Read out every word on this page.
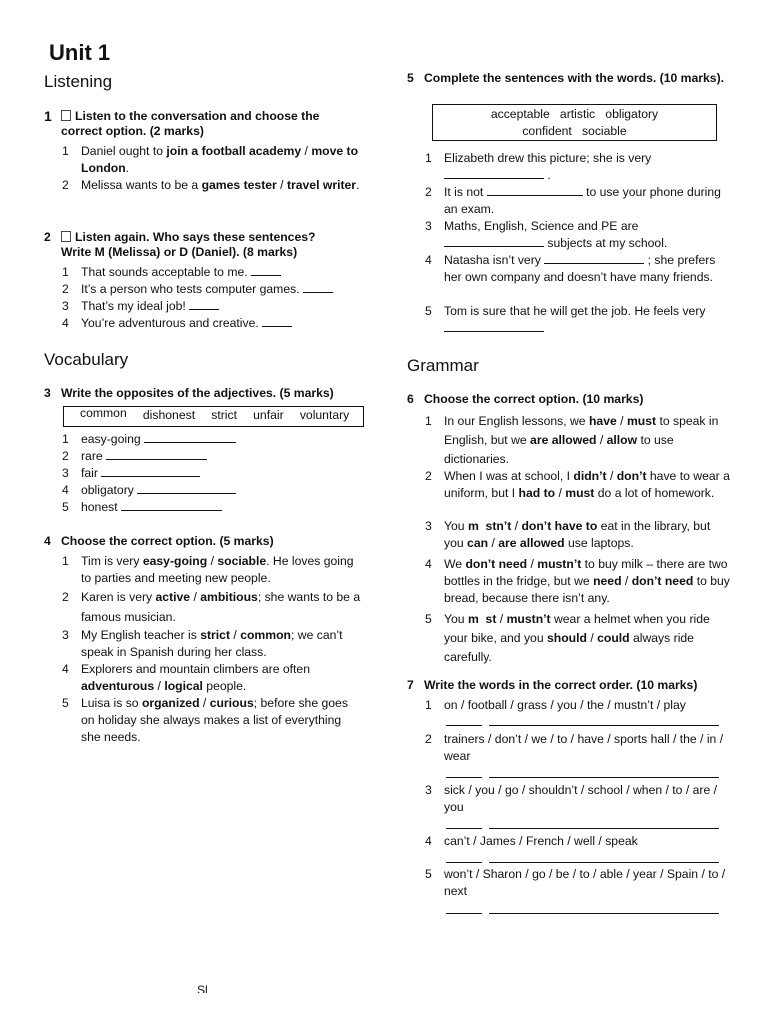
Unit 1
Listening
1	Listen to the conversation and choose the correct option. (2 marks)
1	Daniel ought to join a football academy / move to London.
2	Melissa wants to be a games tester / travel writer.
2	Listen again. Who says these sentences? Write M (Melissa) or D (Daniel). (8 marks)
1	That sounds acceptable to me.
2	It’s a person who tests computer games.
3	That’s my ideal job!
4	You’re adventurous and creative.
Vocabulary
3 Write the opposites of the adjectives. (5 marks)
common dishonest strict unfair voluntary
1	easy-going
2	rare
3	fair
4	obligatory
5	honest
4 Choose the correct option. (5 marks)
1	Tim is very easy-going / sociable. He loves going to parties and meeting new people.
2	Karen is very active / ambitious; she wants to be a famous musician.
3	My English teacher is strict / common; we can’t speak in Spanish during her class.
4	Explorers and mountain climbers are often adventurous / logical people.
5	Luisa is so organized / curious; before she goes on holiday she always makes a list of everything she needs.
5 Complete the sentences with the words. (10 marks).
acceptable   artistic   obligatory
confident   sociable
1	Elizabeth drew this picture; she is very
.
2	It is not	to use your phone during an exam.
3	Maths, English, Science and PE are
subjects at my school.
4	Natasha isn’t very	; she prefers her own company and doesn’t have many friends.
5	Tom is sure that he will get the job. He feels very

Grammar
6 Choose the correct option. (10 marks)
1	In our English lessons, we have / must to speak in English, but we are allowed / allow to use dictionaries.
2	When I was at school, I didn’t / don’t have to wear a uniform, but I had to / must do a lot of homework.
3	You m  stn’t / don’t have to eat in the library, but you can / are allowed use laptops.
4	We don’t need / mustn’t to buy milk – there are two bottles in the fridge, but we need / don’t need to buy bread, because there isn’t any.
5	You m  st / mustn’t wear a helmet when you ride your bike, and you should / could always ride carefully.
7 Write the words in the correct order. (10 marks)
1	on / football / grass / you / the / mustn’t / play
2	trainers / don’t / we / to / have / sports hall / the / in / wear
3	sick / you / go / shouldn’t / school / when / to / are / you
4	can’t / James / French / well / speak
5	won’t / Sharon / go / be / to / able / year / Spain / to / next
Sl
